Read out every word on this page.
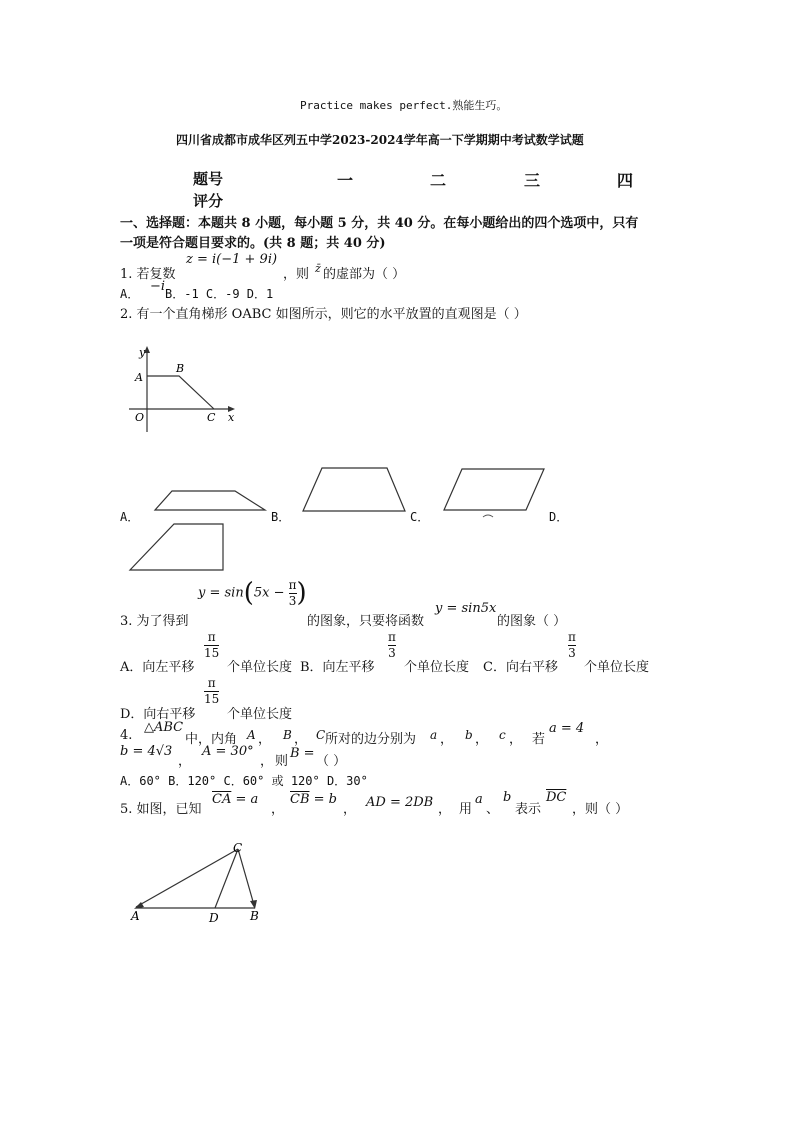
Practice makes perfect.熟能生巧。
四川省成都市成华区列五中学2023-2024学年高一下学期期中考试数学试题
题号	一	二	三	四
评分
一、选择题：本题共 8 小题，每小题 5 分，共 40 分。在每小题给出的四个选项中，只有
一项是符合题目要求的。(共 8 题；共 40 分)
1. 若复数
z = i(−1 + 9i)
，则 z̄ 的虚部为（ ）
A． −i B．-1 C．-9 D．1
2. 有一个直角梯形 OABC 如图所示，则它的水平放置的直观图是（ ）
y
x
O
A
B
C
A．	B．	C．	D．
3. 为了得到
$y = \sin(5x - \frac{\pi}{3}$ )
的图象，只要将函数
y = sin5x
的图象（ ）
A．向左平移
$\frac{\pi}{15}$
个单位长度 B．向左平移
$\frac{\pi}{3}$
个单位长度 C．向右平移
$\frac{\pi}{3}$
个单位长度
D．向右平移
$\frac{\pi}{15}$
个单位长度
4.
△ABC
中，内角 A ， B ， C 所对的边分别为 a ， b ， c ， 若
a = 4
，
b = 4√3
，
A = 30°
， 则
B =
（ ）
A．60° B．120° C．60° 或 120° D．30°
5. 如图，已知
$\overline{CA} = a$
，
$\overline{CB} = b$
， AD = 2DB ， 用
a
、
b
表示
$\overline{DC}$
，则（ ）
C
A	D	B
